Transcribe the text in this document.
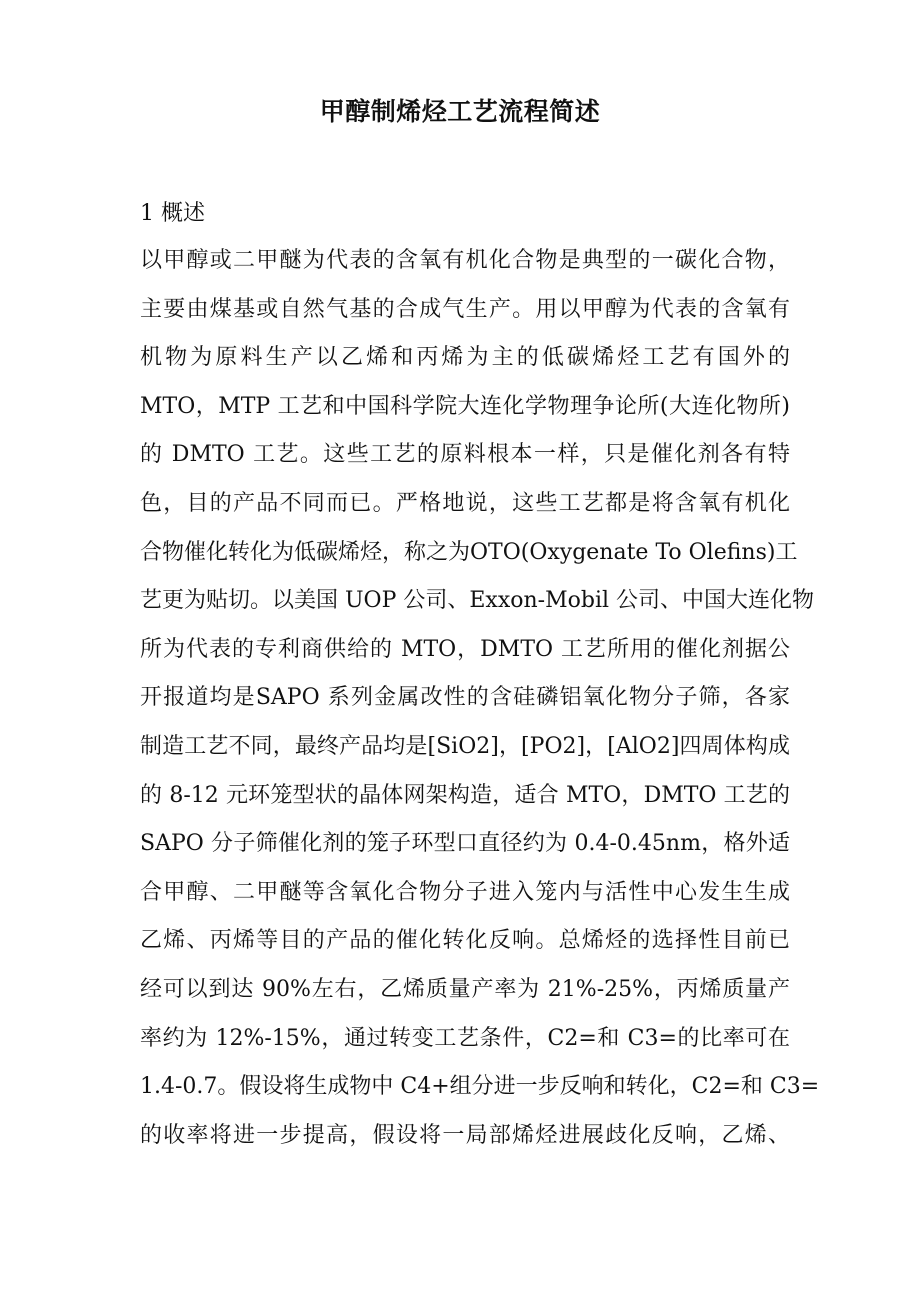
甲醇制烯烃工艺流程简述
1 概述
以甲醇或二甲醚为代表的含氧有机化合物是典型的一碳化合物，
主要由煤基或自然气基的合成气生产。用以甲醇为代表的含氧有
机物为原料生产以乙烯和丙烯为主的低碳烯烃工艺有国外的
MTO，MTP 工艺和中国科学院大连化学物理争论所(大连化物所)
的 DMTO 工艺。这些工艺的原料根本一样，只是催化剂各有特
色，目的产品不同而已。严格地说，这些工艺都是将含氧有机化
合物催化转化为低碳烯烃，称之为OTO(Oxygenate To Olefins)工
艺更为贴切。以美国 UOP 公司、Exxon-Mobil 公司、中国大连化物
所为代表的专利商供给的 MTO，DMTO 工艺所用的催化剂据公
开报道均是SAPO 系列金属改性的含硅磷铝氧化物分子筛，各家
制造工艺不同，最终产品均是[SiO2]，[PO2]，[AlO2]四周体构成
的 8-12 元环笼型状的晶体网架构造，适合 MTO，DMTO 工艺的
SAPO 分子筛催化剂的笼子环型口直径约为 0.4-0.45nm，格外适
合甲醇、二甲醚等含氧化合物分子进入笼内与活性中心发生生成
乙烯、丙烯等目的产品的催化转化反响。总烯烃的选择性目前已
经可以到达 90%左右，乙烯质量产率为 21%-25%，丙烯质量产
率约为 12%-15%，通过转变工艺条件，C2=和 C3=的比率可在
1.4-0.7。假设将生成物中 C4+组分进一步反响和转化，C2=和 C3=
的收率将进一步提高，假设将一局部烯烃进展歧化反响，乙烯、
